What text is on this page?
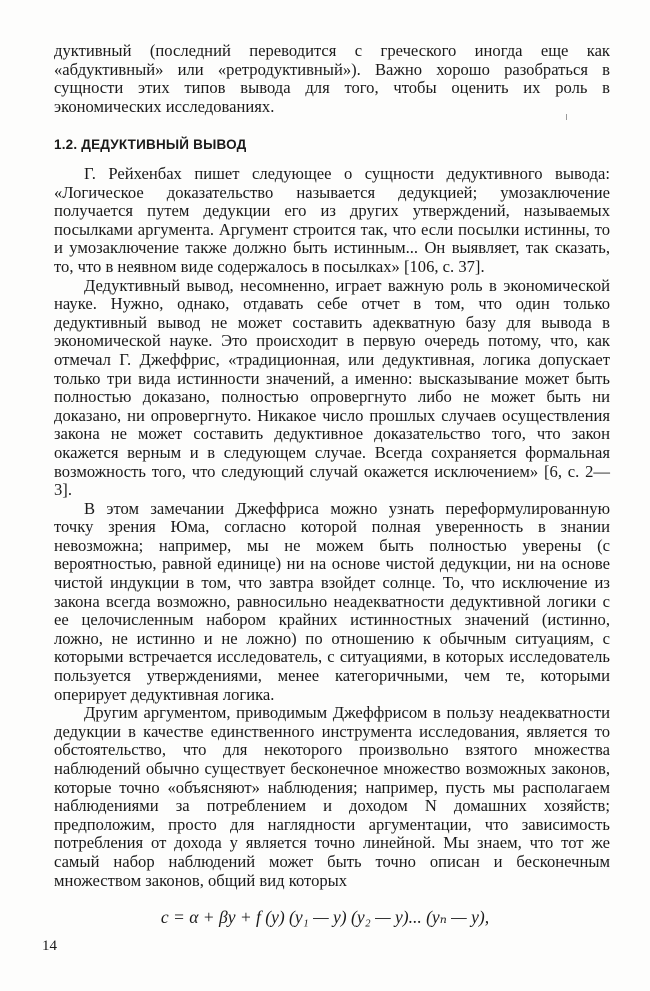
дуктивный (последний переводится с греческого иногда еще как «абдуктивный» или «ретродуктивный»). Важно хорошо разобраться в сущности этих типов вывода для того, чтобы оценить их роль в экономических исследованиях.
1.2. ДЕДУКТИВНЫЙ ВЫВОД

Г. Рейхенбах пишет следующее о сущности дедуктивного вывода: «Логическое доказательство называется дедукцией; умозаключение получается путем дедукции его из других утверждений, называемых посылками аргумента. Аргумент строится так, что если посылки истинны, то и умозаключение также должно быть истинным... Он выявляет, так сказать, то, что в неявном виде содержалось в посылках» [106, с. 37].

Дедуктивный вывод, несомненно, играет важную роль в экономической науке. Нужно, однако, отдавать себе отчет в том, что один только дедуктивный вывод не может составить адекватную базу для вывода в экономической науке. Это происходит в первую очередь потому, что, как отмечал Г. Джеффрис, «традиционная, или дедуктивная, логика допускает только три вида истинности значений, а именно: высказывание может быть полностью доказано, полностью опровергнуто либо не может быть ни доказано, ни опровергнуто. Никакое число прошлых случаев осуществления закона не может составить дедуктивное доказательство того, что закон окажется верным и в следующем случае. Всегда сохраняется формальная возможность того, что следующий случай окажется исключением» [6, с. 2—3].

В этом замечании Джеффриса можно узнать переформулированную точку зрения Юма, согласно которой полная уверенность в знании невозможна; например, мы не можем быть полностью уверены (с вероятностью, равной единице) ни на основе чистой дедукции, ни на основе чистой индукции в том, что завтра взойдет солнце. То, что исключение из закона всегда возможно, равносильно неадекватности дедуктивной логики с ее целочисленным набором крайних истинностных значений (истинно, ложно, не истинно и не ложно) по отношению к обычным ситуациям, с которыми встречается исследователь, с ситуациями, в которых исследователь пользуется утверждениями, менее категоричными, чем те, которыми оперирует дедуктивная логика.

Другим аргументом, приводимым Джеффрисом в пользу неадекватности дедукции в качестве единственного инструмента исследования, является то обстоятельство, что для некоторого произвольно взятого множества наблюдений обычно существует бесконечное множество возможных законов, которые точно «объясняют» наблюдения; например, пусть мы располагаем наблюдениями за потреблением и доходом N домашних хозяйств; предположим, просто для наглядности аргументации, что зависимость потребления от дохода y является точно линейной. Мы знаем, что тот же самый набор наблюдений может быть точно описан и бесконечным множеством законов, общий вид которых

c = α + βy + f (y) (y₁ — y) (y₂ — y)... (yₙ — y),
14
